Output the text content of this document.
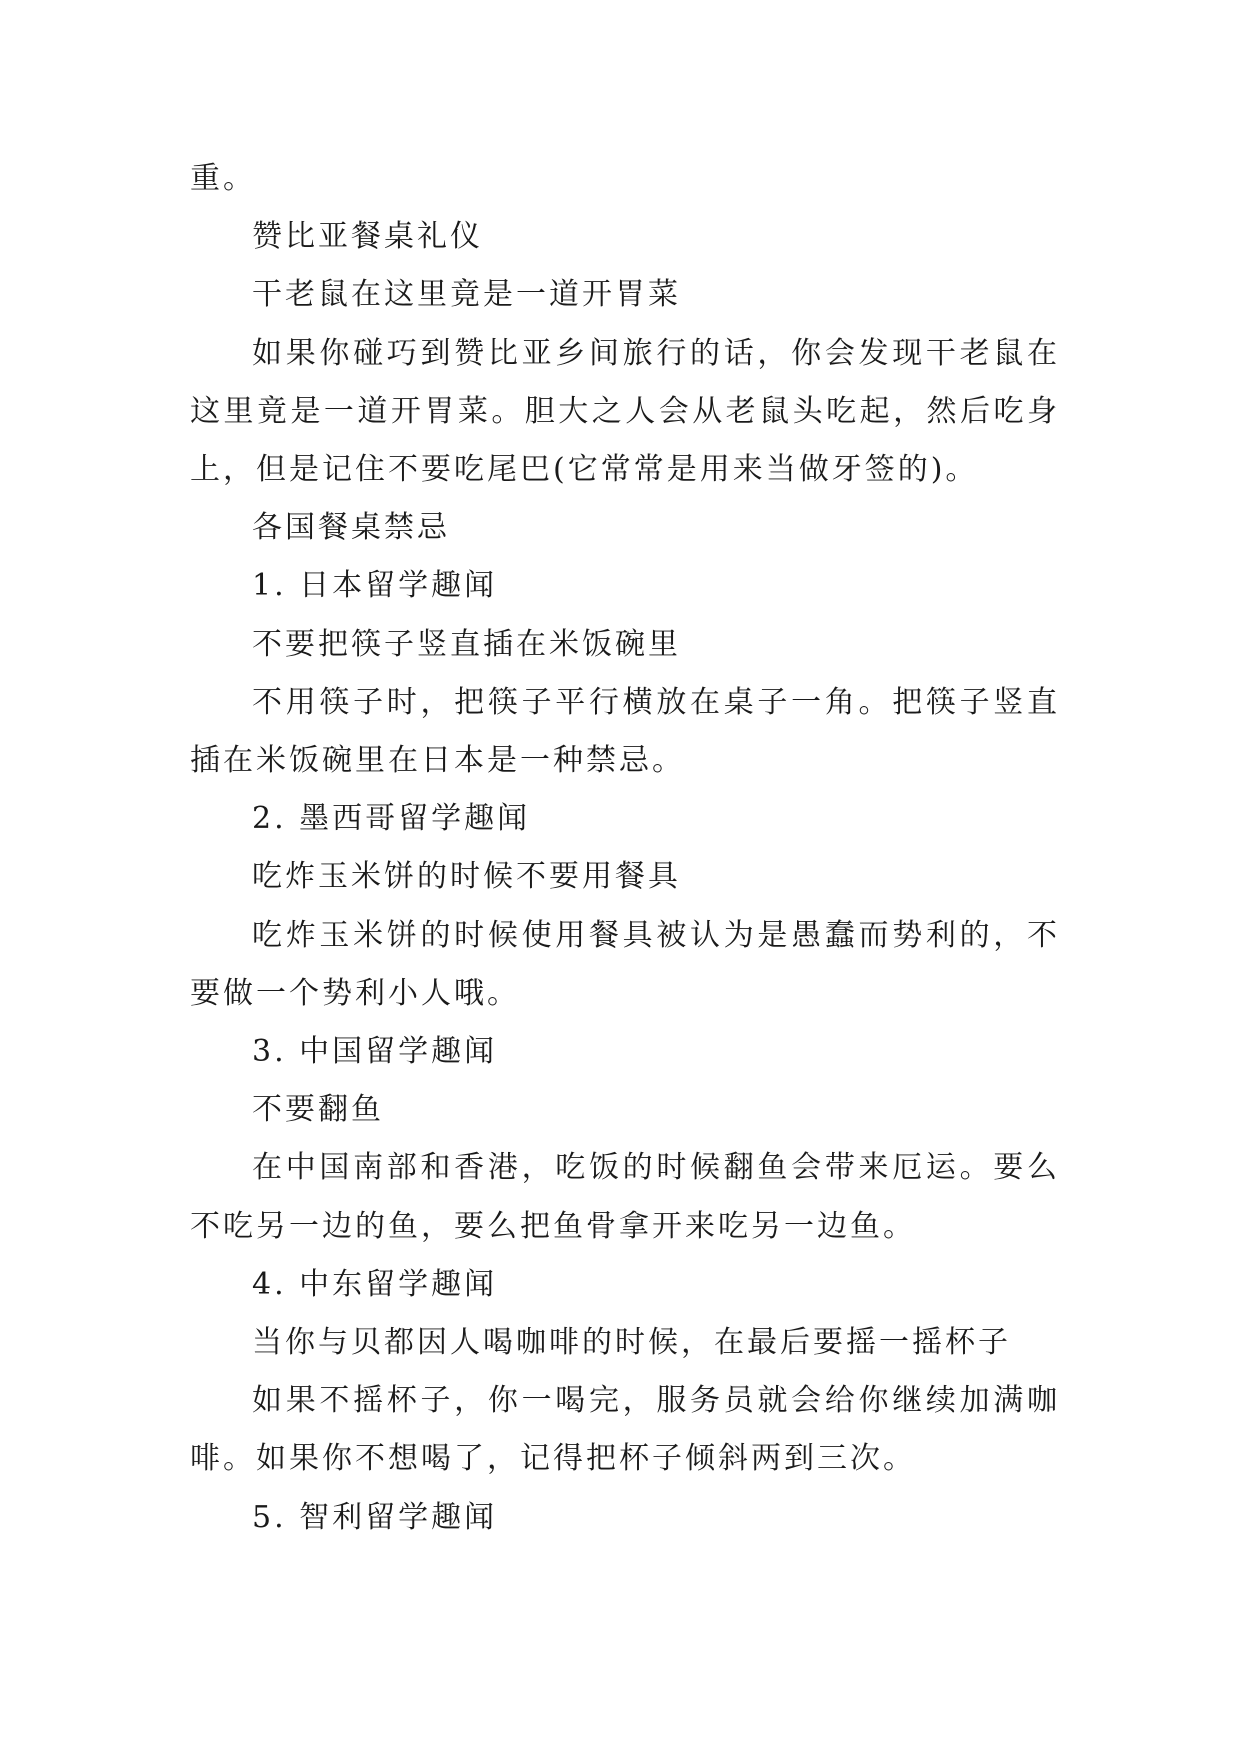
重。

赞比亚餐桌礼仪

干老鼠在这里竟是一道开胃菜

如果你碰巧到赞比亚乡间旅行的话，你会发现干老鼠在这里竟是一道开胃菜。胆大之人会从老鼠头吃起，然后吃身上，但是记住不要吃尾巴(它常常是用来当做牙签的)。

各国餐桌禁忌

1. 日本留学趣闻

不要把筷子竖直插在米饭碗里

不用筷子时，把筷子平行横放在桌子一角。把筷子竖直插在米饭碗里在日本是一种禁忌。

2. 墨西哥留学趣闻

吃炸玉米饼的时候不要用餐具

吃炸玉米饼的时候使用餐具被认为是愚蠢而势利的，不要做一个势利小人哦。

3. 中国留学趣闻

不要翻鱼

在中国南部和香港，吃饭的时候翻鱼会带来厄运。要么不吃另一边的鱼，要么把鱼骨拿开来吃另一边鱼。

4. 中东留学趣闻

当你与贝都因人喝咖啡的时候，在最后要摇一摇杯子

如果不摇杯子，你一喝完，服务员就会给你继续加满咖啡。如果你不想喝了，记得把杯子倾斜两到三次。

5. 智利留学趣闻
